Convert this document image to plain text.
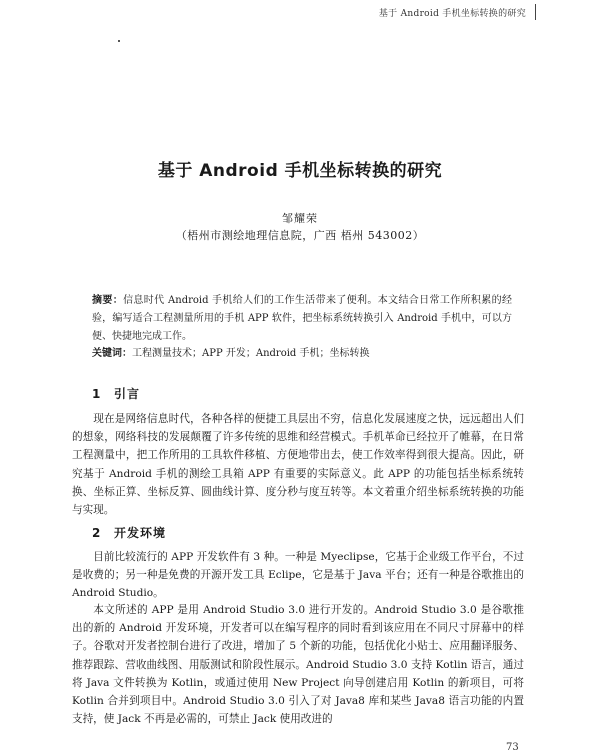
基于 Android 手机坐标转换的研究
基于 Android 手机坐标转换的研究
邹耀荣
（梧州市测绘地理信息院，广西 梧州 543002）
摘要：信息时代 Android 手机给人们的工作生活带来了便利。本文结合日常工作所积累的经验，编写适合工程测量所用的手机 APP 软件，把坐标系统转换引入 Android 手机中，可以方便、快捷地完成工作。
关键词：工程测量技术；APP 开发；Android 手机；坐标转换
1 引言
现在是网络信息时代，各种各样的便捷工具层出不穷，信息化发展速度之快，远远超出人们的想象，网络科技的发展颠覆了许多传统的思维和经营模式。手机革命已经拉开了帷幕，在日常工程测量中，把工作所用的工具软件移植、方便地带出去，使工作效率得到很大提高。因此，研究基于 Android 手机的测绘工具箱 APP 有重要的实际意义。此 APP 的功能包括坐标系统转换、坐标正算、坐标反算、圆曲线计算、度分秒与度互转等。本文着重介绍坐标系统转换的功能与实现。
2 开发环境
目前比较流行的 APP 开发软件有 3 种。一种是 Myeclipse，它基于企业级工作平台，不过是收费的；另一种是免费的开源开发工具 Eclipe，它是基于 Java 平台；还有一种是谷歌推出的 Android Studio。
本文所述的 APP 是用 Android Studio 3.0 进行开发的。Android Studio 3.0 是谷歌推出的新的 Android 开发环境，开发者可以在编写程序的同时看到该应用在不同尺寸屏幕中的样子。谷歌对开发者控制台进行了改进，增加了 5 个新的功能，包括优化小贴士、应用翻译服务、推荐跟踪、营收曲线图、用版测试和阶段性展示。Android Studio 3.0 支持 Kotlin 语言，通过将 Java 文件转换为 Kotlin，或通过使用 New Project 向导创建启用 Kotlin 的新项目，可将 Kotlin 合并到项目中。Android Studio 3.0 引入了对 Java8 库和某些 Java8 语言功能的内置支持，使 Jack 不再是必需的，可禁止 Jack 使用改进的
73
